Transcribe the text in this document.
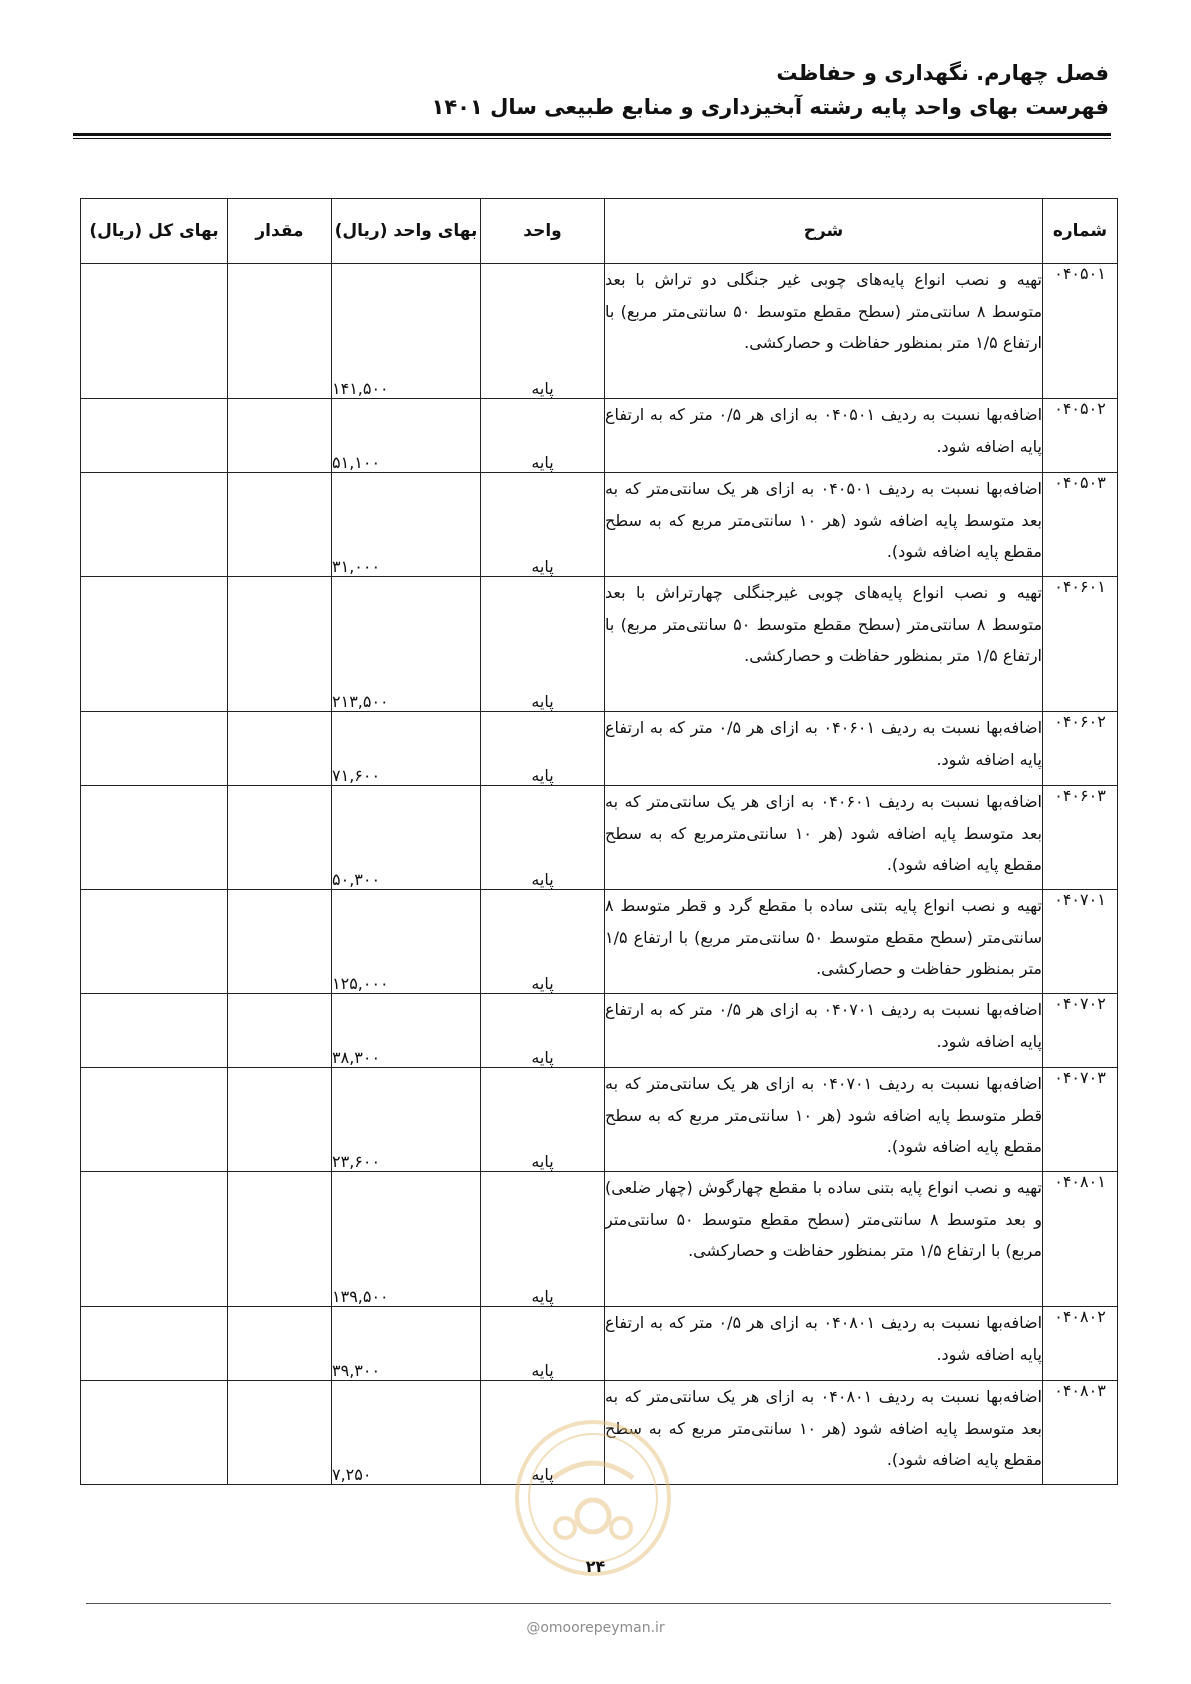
فصل چهارم. نگهداری و حفاظت
فهرست بهای واحد پایه رشته آبخیزداری و منابع طبیعی سال ۱۴۰۱
شماره	شرح	واحد	بهای واحد (ریال)	مقدار	بهای کل (ریال)
۰۴۰۵۰۱	تهیه و نصب انواع پایه‌های چوبی غیر جنگلی دو تراش با بعد متوسط ۸ سانتی‌متر (سطح مقطع متوسط ۵۰ سانتی‌متر مربع) با ارتفاع ۱/۵ متر بمنظور حفاظت و حصارکشی.	پایه	۱۴۱,۵۰۰		
۰۴۰۵۰۲	اضافه‌بها نسبت به ردیف ۰۴۰۵۰۱ به ازای هر ۰/۵ متر که به ارتفاع پایه اضافه شود.	پایه	۵۱,۱۰۰		
۰۴۰۵۰۳	اضافه‌بها نسبت به ردیف ۰۴۰۵۰۱ به ازای هر یک سانتی‌متر که به بعد متوسط پایه اضافه شود (هر ۱۰ سانتی‌متر مربع که به سطح مقطع پایه اضافه شود).	پایه	۳۱,۰۰۰		
۰۴۰۶۰۱	تهیه و نصب انواع پایه‌های چوبی غیرجنگلی چهارتراش با بعد متوسط ۸ سانتی‌متر (سطح مقطع متوسط ۵۰ سانتی‌متر مربع) با ارتفاع ۱/۵ متر بمنظور حفاظت و حصارکشی.	پایه	۲۱۳,۵۰۰		
۰۴۰۶۰۲	اضافه‌بها نسبت به ردیف ۰۴۰۶۰۱ به ازای هر ۰/۵ متر که به ارتفاع پایه اضافه شود.	پایه	۷۱,۶۰۰		
۰۴۰۶۰۳	اضافه‌بها نسبت به ردیف ۰۴۰۶۰۱ به ازای هر یک سانتی‌متر که به بعد متوسط پایه اضافه شود (هر ۱۰ سانتی‌مترمربع که به سطح مقطع پایه اضافه شود).	پایه	۵۰,۳۰۰		
۰۴۰۷۰۱	تهیه و نصب انواع پایه بتنی ساده با مقطع گرد و قطر متوسط ۸ سانتی‌متر (سطح مقطع متوسط ۵۰ سانتی‌متر مربع) با ارتفاع ۱/۵ متر بمنظور حفاظت و حصارکشی.	پایه	۱۲۵,۰۰۰		
۰۴۰۷۰۲	اضافه‌بها نسبت به ردیف ۰۴۰۷۰۱ به ازای هر ۰/۵ متر که به ارتفاع پایه اضافه شود.	پایه	۳۸,۳۰۰		
۰۴۰۷۰۳	اضافه‌بها نسبت به ردیف ۰۴۰۷۰۱ به ازای هر یک سانتی‌متر که به قطر متوسط پایه اضافه شود (هر ۱۰ سانتی‌متر مربع که به سطح مقطع پایه اضافه شود).	پایه	۲۳,۶۰۰		
۰۴۰۸۰۱	تهیه و نصب انواع پایه بتنی ساده با مقطع چهارگوش (چهار ضلعی) و بعد متوسط ۸ سانتی‌متر (سطح مقطع متوسط ۵۰ سانتی‌متر مربع) با ارتفاع ۱/۵ متر بمنظور حفاظت و حصارکشی.	پایه	۱۳۹,۵۰۰		
۰۴۰۸۰۲	اضافه‌بها نسبت به ردیف ۰۴۰۸۰۱ به ازای هر ۰/۵ متر که به ارتفاع پایه اضافه شود.	پایه	۳۹,۳۰۰		
۰۴۰۸۰۳	اضافه‌بها نسبت به ردیف ۰۴۰۸۰۱ به ازای هر یک سانتی‌متر که به بعد متوسط پایه اضافه شود (هر ۱۰ سانتی‌متر مربع که به سطح مقطع پایه اضافه شود).	پایه	۷,۲۵۰		
۲۴
@omoorepeyman.ir
